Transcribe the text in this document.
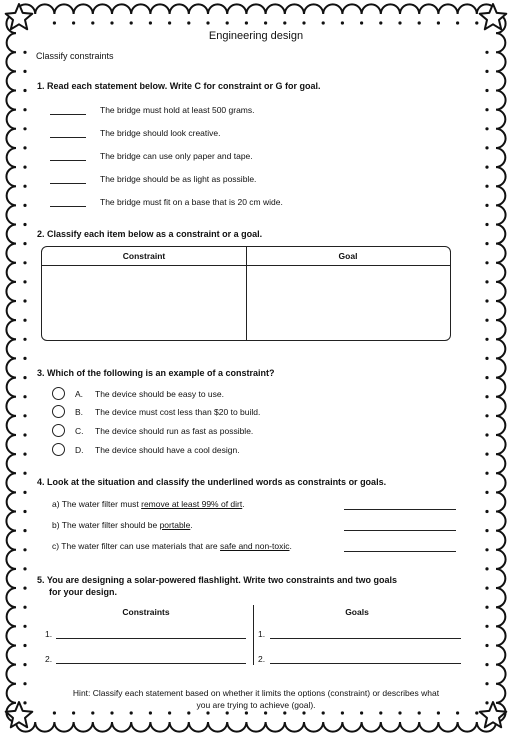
Engineering design
Classify constraints
1. Read each statement below. Write C for constraint or G for goal.
The bridge must hold at least 500 grams.
The bridge should look creative.
The bridge can use only paper and tape.
The bridge should be as light as possible.
The bridge must fit on a base that is 20 cm wide.
2. Classify each item below as a constraint or a goal.
Constraint	Goal
3. Which of the following is an example of a constraint?
A. The device should be easy to use.
B. The device must cost less than $20 to build.
C. The device should run as fast as possible.
D. The device should have a cool design.
4. Look at the situation and classify the underlined words as constraints or goals.
a) The water filter must remove at least 99% of dirt.
b) The water filter should be portable.
c) The water filter can use materials that are safe and non-toxic.
5. You are designing a solar-powered flashlight. Write two constraints and two goals
for your design.
Constraints	Goals
1.
2.
1.
2.
Hint: Classify each statement based on whether it limits the options (constraint) or describes what
you are trying to achieve (goal).
